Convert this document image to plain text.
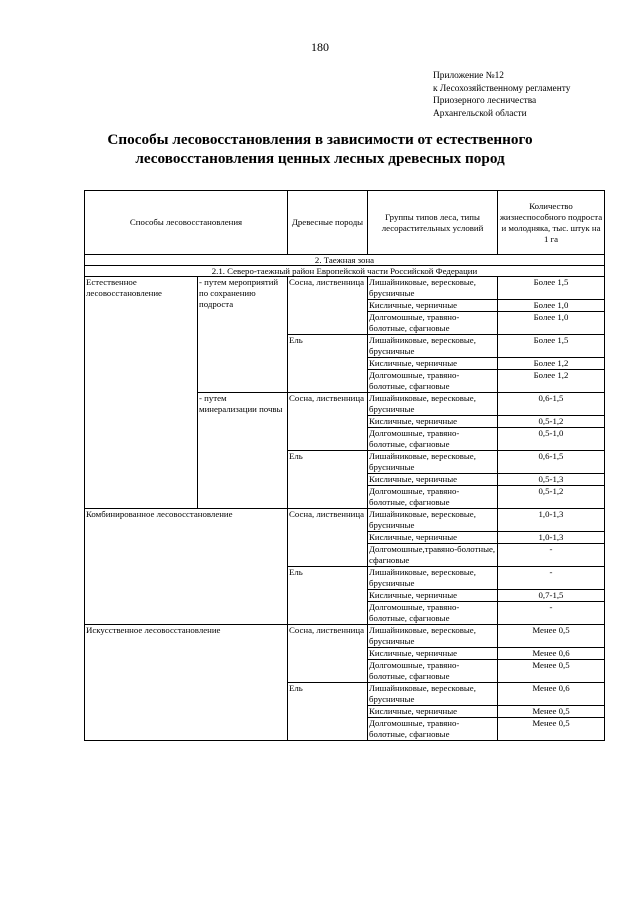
180
Приложение №12
к Лесохозяйственному регламенту
Приозерного лесничества
Архангельской области
Способы лесовосстановления в зависимости от естественного
лесовосстановления ценных лесных древесных пород
Способы лесовосстановления		Древесные породы	Группы типов леса, типы лесорастительных условий	Количество жизнеспособного подроста и молодняка, тыс. штук на 1 га
2. Таежная зона				
2.1. Северо-таежный район Европейской части Российской Федерации				
Естественное лесовосстановление	- путем мероприятий по сохранению подроста	Сосна, лиственница	Лишайниковые, вересковые, брусничные	Более 1,5
			Кисличные, черничные	Более 1,0
			Долгомошные, травяно-болотные, сфагновые	Более 1,0
		Ель	Лишайниковые, вересковые, брусничные	Более 1,5
			Кисличные, черничные	Более 1,2
			Долгомошные, травяно-болотные, сфагновые	Более 1,2
	- путем минерализации почвы	Сосна, лиственница	Лишайниковые, вересковые, брусничные	0,6-1,5
			Кисличные, черничные	0,5-1,2
			Долгомошные, травяно-болотные, сфагновые	0,5-1,0
		Ель	Лишайниковые, вересковые, брусничные	0,6-1,5
			Кисличные, черничные	0,5-1,3
			Долгомошные, травяно-болотные, сфагновые	0,5-1,2
Комбинированное лесовосстановление		Сосна, лиственница	Лишайниковые, вересковые, брусничные	1,0-1,3
			Кисличные, черничные	1,0-1,3
			Долгомошные,травяно-болотные, сфагновые	-
		Ель	Лишайниковые, вересковые, брусничные	-
			Кисличные, черничные	0,7-1,5
			Долгомошные, травяно-болотные, сфагновые	-
Искусственное лесовосстановление		Сосна, лиственница	Лишайниковые, вересковые, брусничные	Менее 0,5
			Кисличные, черничные	Менее 0,6
			Долгомошные, травяно-болотные, сфагновые	Менее 0,5
		Ель	Лишайниковые, вересковые, брусничные	Менее 0,6
			Кисличные, черничные	Менее 0,5
			Долгомошные, травяно-болотные, сфагновые	Менее 0,5
